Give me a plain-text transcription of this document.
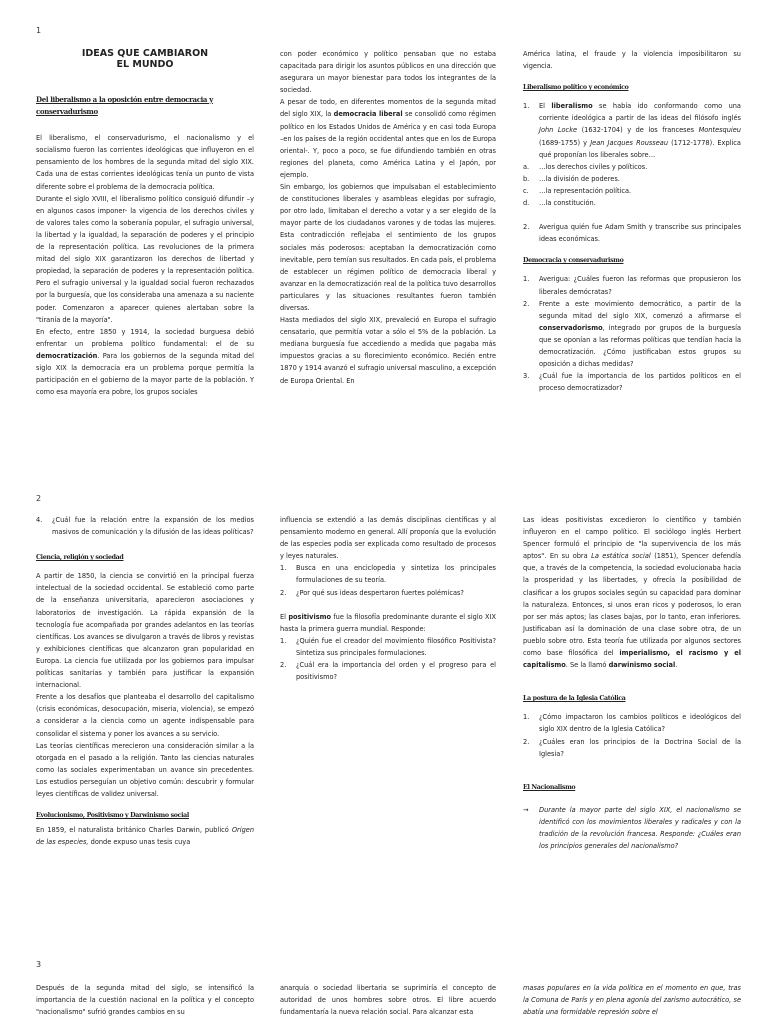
1
IDEAS QUE CAMBIARON
EL MUNDO
Del liberalismo a la oposición entre democracia y conservadurismo

El liberalismo, el conservadurismo, el nacionalismo y el socialismo fueron las corrientes ideológicas que influyeron en el pensamiento de los hombres de la segunda mitad del siglo XIX. Cada una de estas corrientes ideológicas tenía un punto de vista diferente sobre el problema de la democracia política.

Durante el siglo XVIII, el liberalismo político consiguió difundir –y en algunos casos imponer- la vigencia de los derechos civiles y de valores tales como la soberanía popular, el sufragio universal, la libertad y la igualdad, la separación de poderes y el principio de la representación política. Las revoluciones de la primera mitad del siglo XIX garantizaron los derechos de libertad y propiedad, la separación de poderes y la representación política. Pero el sufragio universal y la igualdad social fueron rechazados por la burguesía, que los consideraba una amenaza a su naciente poder. Comenzaron a aparecer quienes alertaban sobre la "tiranía de la mayoría".

En efecto, entre 1850 y 1914, la sociedad burguesa debió enfrentar un problema político fundamental: el de su democratización. Para los gobiernos de la segunda mitad del siglo XIX la democracia era un problema porque permitía la participación en el gobierno de la mayor parte de la población. Y como esa mayoría era pobre, los grupos sociales

con poder económico y político pensaban que no estaba capacitada para dirigir los asuntos públicos en una dirección que asegurara un mayor bienestar para todos los integrantes de la sociedad.

A pesar de todo, en diferentes momentos de la segunda mitad del siglo XIX, la democracia liberal se consolidó como régimen político en los Estados Unidos de América y en casi toda Europa –en los países de la región occidental antes que en los de Europa oriental-. Y, poco a poco, se fue difundiendo también en otras regiones del planeta, como América Latina y el Japón, por ejemplo.

Sin embargo, los gobiernos que impulsaban el establecimiento de constituciones liberales y asambleas elegidas por sufragio, por otro lado, limitaban el derecho a votar y a ser elegido de la mayor parte de los ciudadanos varones y de todas las mujeres. Esta contradicción reflejaba el sentimiento de los grupos sociales más poderosos: aceptaban la democratización como inevitable, pero temían sus resultados. En cada país, el problema de establecer un régimen político de democracia liberal y avanzar en la democratización real de la política tuvo desarrollos particulares y las situaciones resultantes fueron también diversas.

Hasta mediados del siglo XIX, prevaleció en Europa el sufragio censatario, que permitía votar a sólo el 5% de la población. La mediana burguesía fue accediendo a medida que pagaba más impuestos gracias a su florecimiento económico. Recién entre 1870 y 1914 avanzó el sufragio universal masculino, a excepción de Europa Oriental. En

América latina, el fraude y la violencia imposibilitaron su vigencia.

Liberalismo político y económico
1. El liberalismo se había ido conformando como una corriente ideológica a partir de las ideas del filósofo inglés John Locke (1632-1704) y de los franceses Montesquieu (1689-1755) y Jean Jacques Rousseau (1712-1778). Explica qué proponían los liberales sobre…
a. …los derechos civiles y políticos.
b. …la división de poderes.
c. …la representación política.
d. …la constitución.
2. Averigua quién fue Adam Smith y transcribe sus principales ideas económicas.
Democracia y conservadurismo
1. Averigua: ¿Cuáles fueron las reformas que propusieron los liberales demócratas?
2. Frente a este movimiento democrático, a partir de la segunda mitad del siglo XIX, comenzó a afirmarse el conservadorismo, integrado por grupos de la burguesía que se oponían a las reformas políticas que tendían hacia la democratización. ¿Cómo justificaban estos grupos su oposición a dichas medidas?
3. ¿Cuál fue la importancia de los partidos políticos en el proceso democratizador?
2
4. ¿Cuál fue la relación entre la expansión de los medios masivos de comunicación y la difusión de las ideas políticas?
Ciencia, religión y sociedad

A partir de 1850, la ciencia se convirtió en la principal fuerza intelectual de la sociedad occidental. Se estableció como parte de la enseñanza universitaria, aparecieron asociaciones y laboratorios de investigación. La rápida expansión de la tecnología fue acompañada por grandes adelantos en las teorías científicas. Los avances se divulgaron a través de libros y revistas y exhibiciones científicas que alcanzaron gran popularidad en Europa. La ciencia fue utilizada por los gobiernos para impulsar políticas sanitarias y también para justificar la expansión internacional.

Frente a los desafíos que planteaba el desarrollo del capitalismo (crisis económicas, desocupación, miseria, violencia), se empezó a considerar a la ciencia como un agente indispensable para consolidar el sistema y poner los avances a su servicio.

Las teorías científicas merecieron una consideración similar a la otorgada en el pasado a la religión. Tanto las ciencias naturales como las sociales experimentaban un avance sin precedentes. Los estudios perseguían un objetivo común: descubrir y formular leyes científicas de validez universal.

Evolucionismo, Positivismo y Darwinismo social

En 1859, el naturalista británico Charles Darwin, publicó Origen de las especies, donde expuso unas tesis cuya

influencia se extendió a las demás disciplinas científicas y al pensamiento moderno en general. Allí proponía que la evolución de las especies podía ser explicada como resultado de procesos y leyes naturales.

1. Busca en una enciclopedia y sintetiza los principales formulaciones de su teoría.
2. ¿Por qué sus ideas despertaron fuertes polémicas?

El positivismo fue la filosofía predominante durante el siglo XIX hasta la primera guerra mundial. Responde:

1. ¿Quién fue el creador del movimiento filosófico Positivista? Sintetiza sus principales formulaciones.
2. ¿Cuál era la importancia del orden y el progreso para el positivismo?

Las ideas positivistas excedieron lo científico y también influyeron en el campo político. El sociólogo inglés Herbert Spencer formuló el principio de "la supervivencia de los más aptos". En su obra La estática social (1851), Spencer defendía que, a través de la competencia, la sociedad evolucionaba hacia la prosperidad y las libertades, y ofrecía la posibilidad de clasificar a los grupos sociales según su capacidad para dominar la naturaleza. Entonces, si unos eran ricos y poderosos, lo eran por ser más aptos; las clases bajas, por lo tanto, eran inferiores. Justificaban así la dominación de una clase sobre otra, de un pueblo sobre otro. Esta teoría fue utilizada por algunos sectores como base filosófica del imperialismo, el racismo y el capitalismo. Se la llamó darwinismo social.

La postura de la Iglesia Católica
1. ¿Cómo impactaron los cambios políticos e ideológicos del siglo XIX dentro de la Iglesia Católica?
2. ¿Cuáles eran los principios de la Doctrina Social de la Iglesia?
El Nacionalismo
→ Durante la mayor parte del siglo XIX, el nacionalismo se identificó con los movimientos liberales y radicales y con la tradición de la revolución francesa. Responde: ¿Cuáles eran los principios generales del nacionalismo?
3

Después de la segunda mitad del siglo, se intensificó la importancia de la cuestión nacional en la política y el concepto "nacionalismo" sufrió grandes cambios en su

anarquía o sociedad libertaria se suprimiría el concepto de autoridad de unos hombres sobre otros. El libre acuerdo fundamentaría la nueva relación social. Para alcanzar esta

masas populares en la vida política en el momento en que, tras la Comuna de París y en plena agonía del zarismo autocrático, se abatía una formidable represión sobre el
